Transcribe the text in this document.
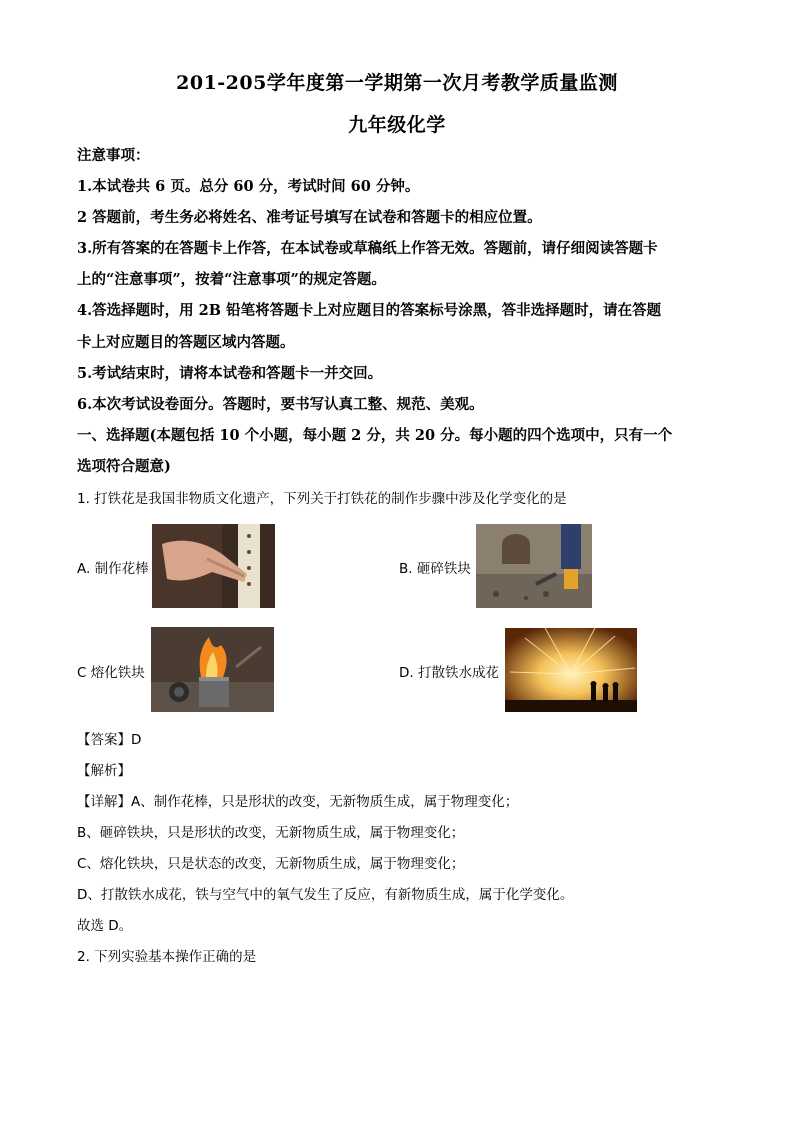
201-205学年度第一学期第一次月考教学质量监测
九年级化学
注意事项：
1.本试卷共 6 页。总分 60 分，考试时间 60 分钟。
2 答题前，考生务必将姓名、准考证号填写在试卷和答题卡的相应位置。
3.所有答案的在答题卡上作答，在本试卷或草稿纸上作答无效。答题前，请仔细阅读答题卡
上的“注意事项”，按着“注意事项”的规定答题。
4.答选择题时，用 2B 铅笔将答题卡上对应题目的答案标号涂黑，答非选择题时，请在答题
卡上对应题目的答题区域内答题。
5.考试结束时，请将本试卷和答题卡一并交回。
6.本次考试设卷面分。答题时，要书写认真工整、规范、美观。
一、选择题(本题包括 10 个小题，每小题 2 分，共 20 分。每小题的四个选项中，只有一个
选项符合题意)
1. 打铁花是我国非物质文化遗产，下列关于打铁花的制作步骤中涉及化学变化的是
A. 制作花棒	B. 砸碎铁块
C 熔化铁块	D. 打散铁水成花
【答案】D
【解析】
【详解】A、制作花棒，只是形状的改变，无新物质生成，属于物理变化；
B、砸碎铁块，只是形状的改变，无新物质生成，属于物理变化；
C、熔化铁块，只是状态的改变，无新物质生成，属于物理变化；
D、打散铁水成花，铁与空气中的氧气发生了反应，有新物质生成，属于化学变化。
故选 D。
2. 下列实验基本操作正确的是
